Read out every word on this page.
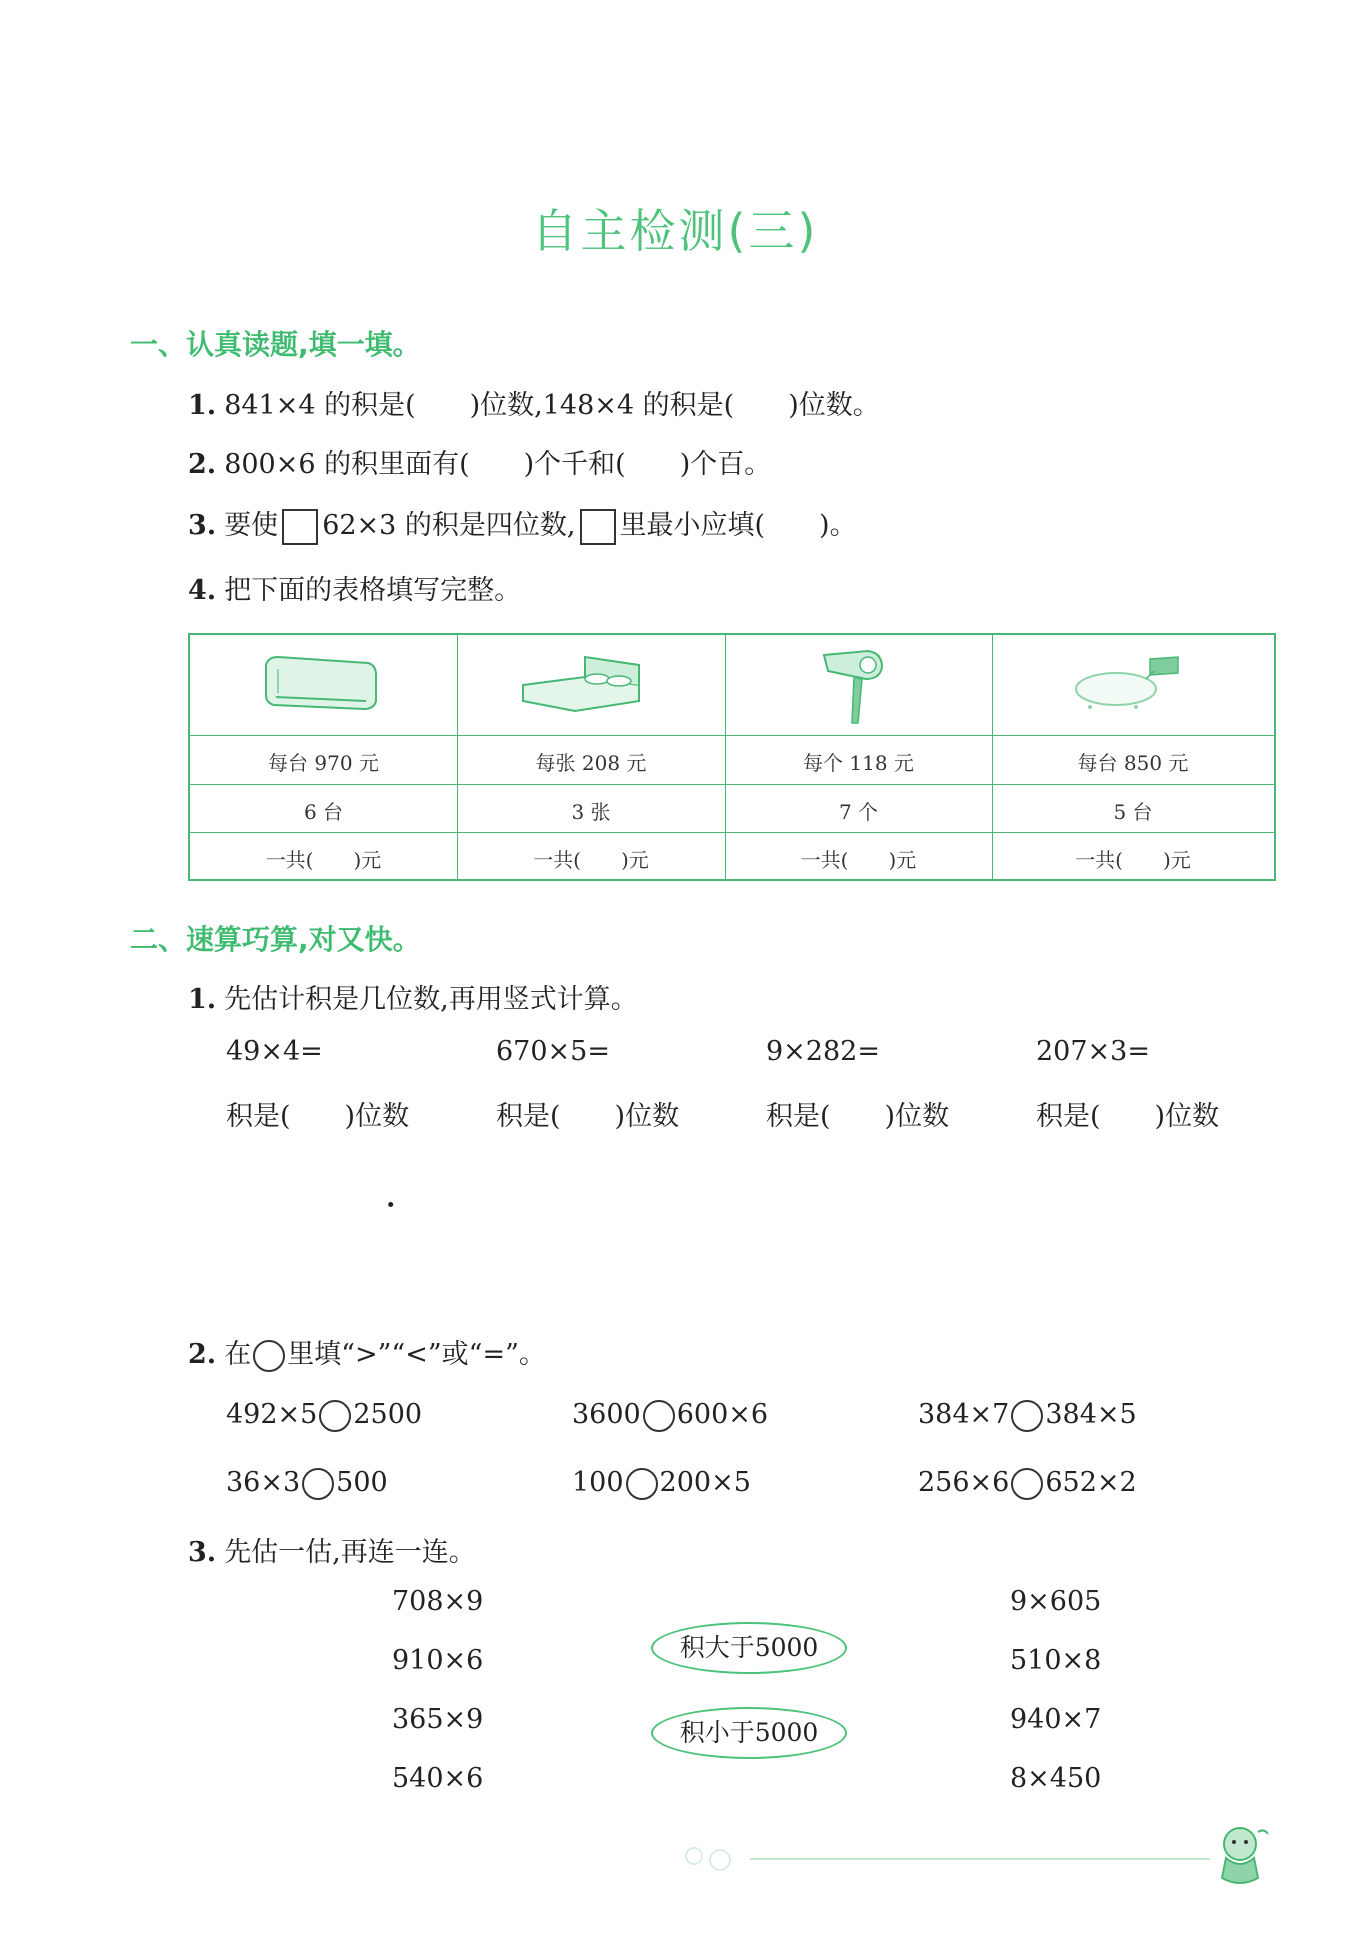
自主检测(三)
一、认真读题,填一填。
1. 841×4 的积是(　　)位数,148×4 的积是(　　)位数。
2. 800×6 的积里面有(　　)个千和(　　)个百。
3. 要使 62×3 的积是四位数, 里最小应填(　　)。
4. 把下面的表格填写完整。
每台 970 元	每张 208 元	每个 118 元	每台 850 元
6 台	3 张	7 个	5 台
一共(　　)元	一共(　　)元	一共(　　)元	一共(　　)元
二、速算巧算,对又快。
1. 先估计积是几位数,再用竖式计算。
49×4=	670×5=	9×282=	207×3=
积是(　　)位数	积是(　　)位数	积是(　　)位数	积是(　　)位数
·
2. 在 里填“>”“<”或“=”。
492×5 2500	3600 600×6	384×7 384×5
36×3 500	100 200×5	256×6 652×2
3. 先估一估,再连一连。
708×9
910×6
365×9
540×6
积大于5000
积小于5000
9×605
510×8
940×7
8×450
